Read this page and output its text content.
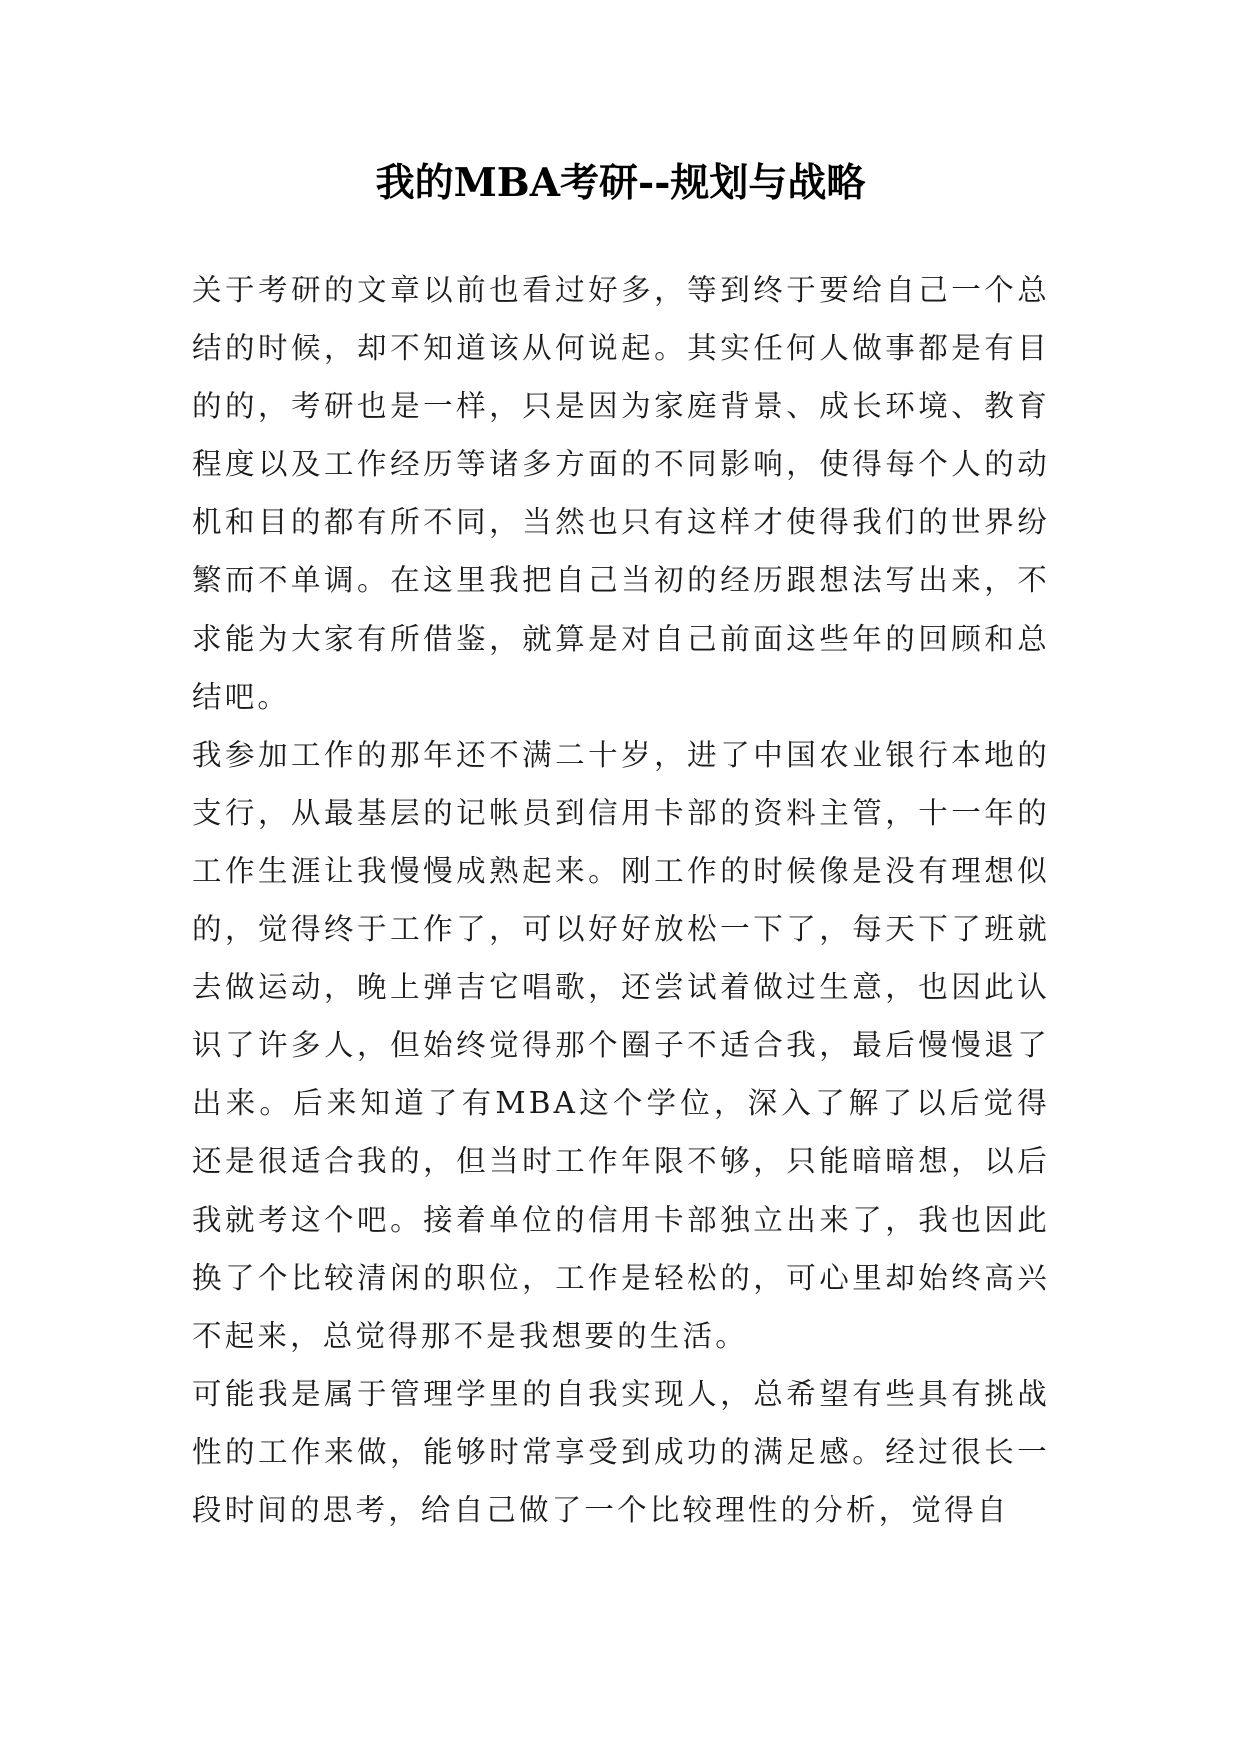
我的MBA考研--规划与战略

关于考研的文章以前也看过好多，等到终于要给自己一个总结的时候，却不知道该从何说起。其实任何人做事都是有目的的，考研也是一样，只是因为家庭背景、成长环境、教育程度以及工作经历等诸多方面的不同影响，使得每个人的动机和目的都有所不同，当然也只有这样才使得我们的世界纷繁而不单调。在这里我把自己当初的经历跟想法写出来，不求能为大家有所借鉴，就算是对自己前面这些年的回顾和总结吧。

我参加工作的那年还不满二十岁，进了中国农业银行本地的支行，从最基层的记帐员到信用卡部的资料主管，十一年的工作生涯让我慢慢成熟起来。刚工作的时候像是没有理想似的，觉得终于工作了，可以好好放松一下了，每天下了班就去做运动，晚上弹吉它唱歌，还尝试着做过生意，也因此认识了许多人，但始终觉得那个圈子不适合我，最后慢慢退了出来。后来知道了有MBA这个学位，深入了解了以后觉得还是很适合我的，但当时工作年限不够，只能暗暗想，以后我就考这个吧。接着单位的信用卡部独立出来了，我也因此换了个比较清闲的职位，工作是轻松的，可心里却始终高兴不起来，总觉得那不是我想要的生活。

可能我是属于管理学里的自我实现人，总希望有些具有挑战性的工作来做，能够时常享受到成功的满足感。经过很长一段时间的思考，给自己做了一个比较理性的分析，觉得自
